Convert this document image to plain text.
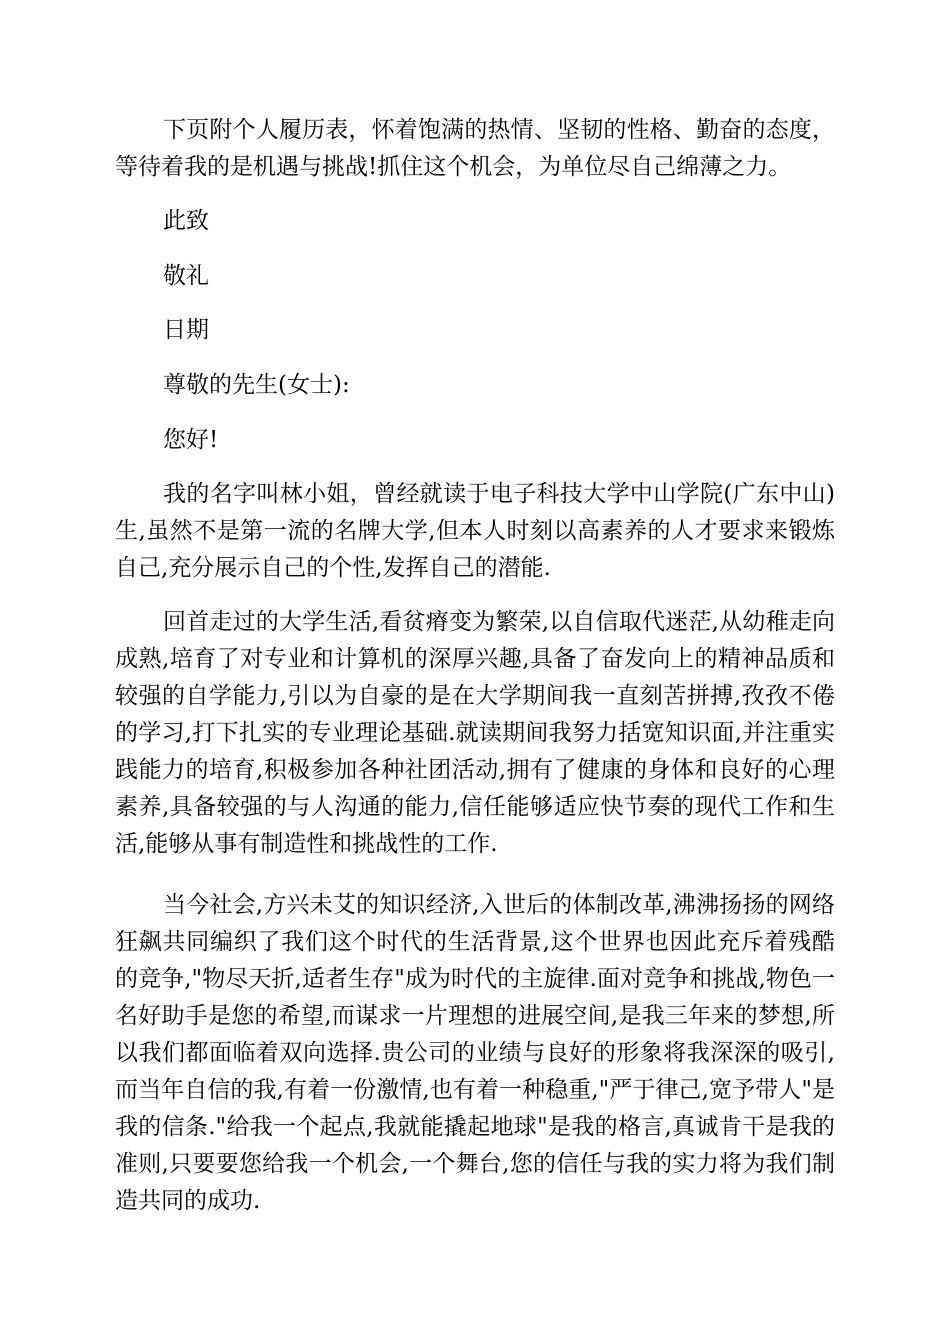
下页附个人履历表，怀着饱满的热情、坚韧的性格、勤奋的态度，等待着我的是机遇与挑战!抓住这个机会，为单位尽自己绵薄之力。

此致

敬礼

日期

尊敬的先生(女士):

您好!

我的名字叫林小姐，曾经就读于电子科技大学中山学院(广东中山)生,虽然不是第一流的名牌大学,但本人时刻以高素养的人才要求来锻炼自己,充分展示自己的个性,发挥自己的潜能.

回首走过的大学生活,看贫瘠变为繁荣,以自信取代迷茫,从幼稚走向成熟,培育了对专业和计算机的深厚兴趣,具备了奋发向上的精神品质和较强的自学能力,引以为自豪的是在大学期间我一直刻苦拼搏,孜孜不倦的学习,打下扎实的专业理论基础.就读期间我努力括宽知识面,并注重实践能力的培育,积极参加各种社团活动,拥有了健康的身体和良好的心理素养,具备较强的与人沟通的能力,信任能够适应快节奏的现代工作和生活,能够从事有制造性和挑战性的工作.

当今社会,方兴未艾的知识经济,入世后的体制改革,沸沸扬扬的网络狂飙共同编织了我们这个时代的生活背景,这个世界也因此充斥着残酷的竞争,"物尽天折,适者生存"成为时代的主旋律.面对竞争和挑战,物色一名好助手是您的希望,而谋求一片理想的进展空间,是我三年来的梦想,所以我们都面临着双向选择.贵公司的业绩与良好的形象将我深深的吸引,而当年自信的我,有着一份激情,也有着一种稳重,"严于律己,宽予带人"是我的信条."给我一个起点,我就能撬起地球"是我的格言,真诚肯干是我的准则,只要要您给我一个机会,一个舞台,您的信任与我的实力将为我们制造共同的成功.
